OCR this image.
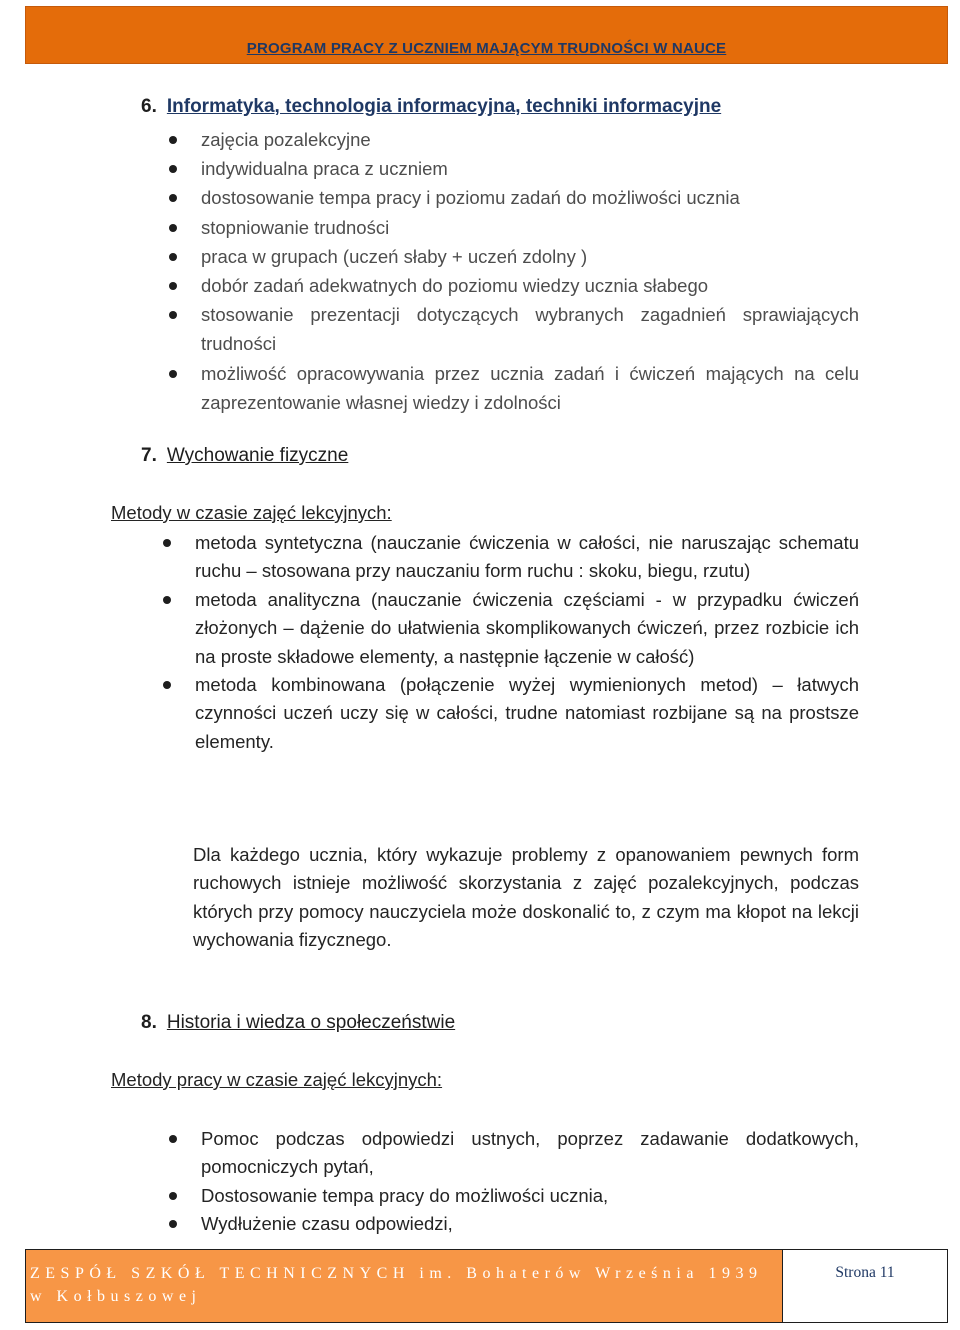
PROGRAM PRACY Z UCZNIEM MAJĄCYM TRUDNOŚCI W NAUCE
6. Informatyka, technologia informacyjna, techniki informacyjne
zajęcia pozalekcyjne
indywidualna praca z uczniem
dostosowanie tempa pracy i poziomu zadań do możliwości ucznia
stopniowanie trudności
praca w grupach (uczeń słaby + uczeń zdolny )
dobór zadań adekwatnych do poziomu wiedzy ucznia słabego
stosowanie prezentacji dotyczących wybranych zagadnień sprawiających trudności
możliwość opracowywania przez ucznia zadań i ćwiczeń mających na celu zaprezentowanie własnej wiedzy i zdolności
7. Wychowanie fizyczne
Metody w czasie zajęć lekcyjnych:
metoda syntetyczna (nauczanie ćwiczenia w całości, nie naruszając schematu ruchu – stosowana przy nauczaniu form ruchu : skoku, biegu, rzutu)
metoda analityczna (nauczanie ćwiczenia częściami - w przypadku ćwiczeń złożonych – dążenie do ułatwienia skomplikowanych ćwiczeń, przez rozbicie ich na proste składowe elementy, a następnie łączenie w całość)
metoda kombinowana (połączenie wyżej wymienionych metod) – łatwych czynności uczeń uczy się w całości, trudne natomiast rozbijane są na prostsze elementy.

Dla każdego ucznia, który wykazuje problemy z opanowaniem pewnych form ruchowych istnieje możliwość skorzystania z zajęć pozalekcyjnych, podczas których przy pomocy nauczyciela może doskonalić to, z czym ma kłopot na lekcji wychowania fizycznego.

8. Historia i wiedza o społeczeństwie
Metody pracy w czasie zajęć lekcyjnych:
Pomoc podczas odpowiedzi ustnych, poprzez zadawanie dodatkowych, pomocniczych pytań,
Dostosowanie tempa pracy do możliwości ucznia,
Wydłużenie czasu odpowiedzi,
ZESPÓŁ SZKÓŁ TECHNICZNYCH im. Bohaterów Września 1939
w Kołbuszowej
Strona 11
